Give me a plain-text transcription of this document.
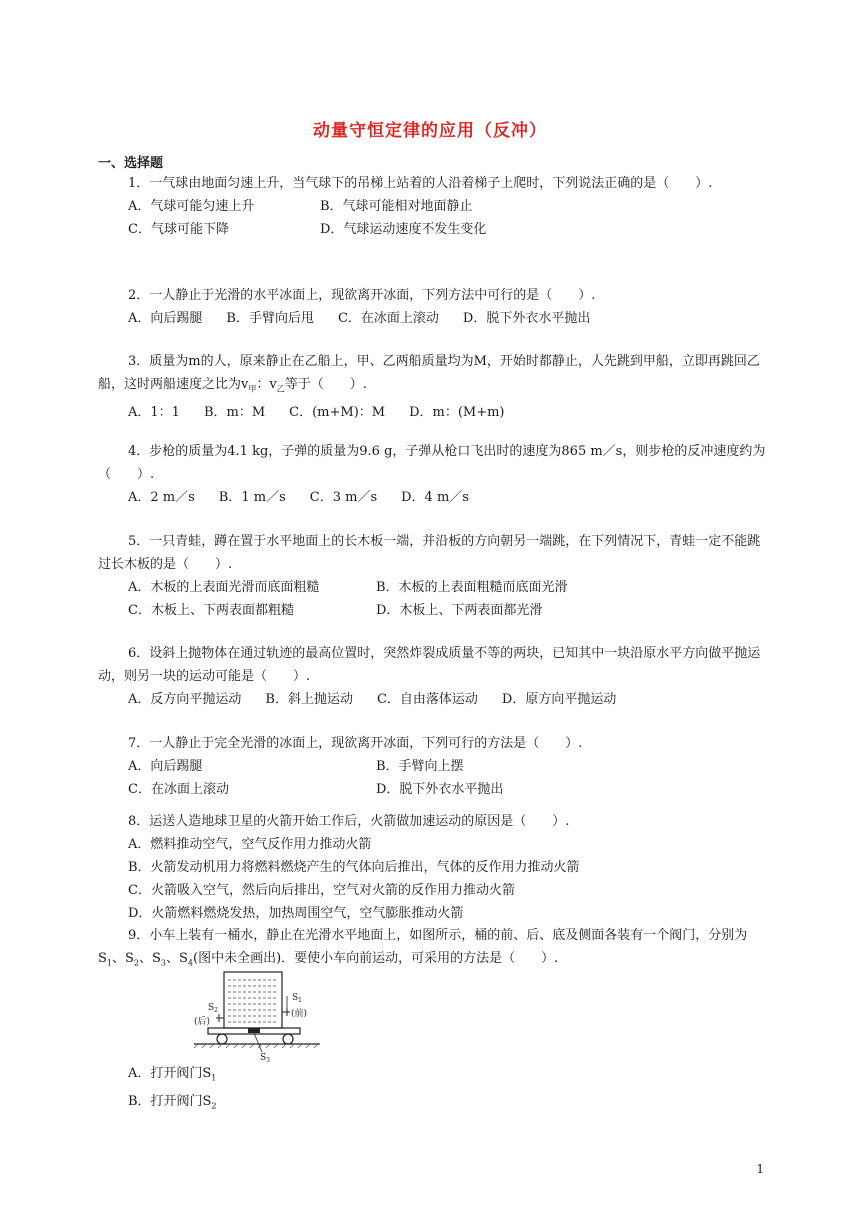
动量守恒定律的应用（反冲）
一、选择题

1．一气球由地面匀速上升，当气球下的吊梯上站着的人沿着梯子上爬时，下列说法正确的是（　　）.

A．气球可能匀速上升	B．气球可能相对地面静止
C．气球可能下降	D．气球运动速度不发生变化

2．一人静止于光滑的水平冰面上，现欲离开冰面，下列方法中可行的是（　　）.

A．向后踢腿 B．手臂向后甩 C．在冰面上滚动 D．脱下外衣水平抛出

3．质量为m的人，原来静止在乙船上，甲、乙两船质量均为M，开始时都静止，人先跳到甲船，立即再跳回乙船，这时两船速度之比为$v_甲$：$v_乙$等于（　　）.

A．1：1 B．m：M C．(m+M)：M D．m：(M+m)

4．步枪的质量为4.1 kg，子弹的质量为9.6 g，子弹从枪口飞出时的速度为865 m／s，则步枪的反冲速度约为（　　）.

A．2 m／s B．1 m／s C．3 m／s D．4 m／s

5．一只青蛙，蹲在置于水平地面上的长木板一端，并沿板的方向朝另一端跳，在下列情况下，青蛙一定不能跳过长木板的是（　　）.

A．木板的上表面光滑而底面粗糙	B．木板的上表面粗糙而底面光滑
C．木板上、下两表面都粗糙	D．木板上、下两表面都光滑

6．设斜上抛物体在通过轨迹的最高位置时，突然炸裂成质量不等的两块，已知其中一块沿原水平方向做平抛运动，则另一块的运动可能是（　　）.

A．反方向平抛运动 B．斜上抛运动 C．自由落体运动 D．原方向平抛运动

7．一人静止于完全光滑的冰面上，现欲离开冰面，下列可行的方法是（　　）.

A．向后踢腿	B．手臂向上摆
C．在冰面上滚动	D．脱下外衣水平抛出

8．运送人造地球卫星的火箭开始工作后，火箭做加速运动的原因是（　　）.

A．燃料推动空气，空气反作用力推动火箭
B．火箭发动机用力将燃料燃烧产生的气体向后推出，气体的反作用力推动火箭
C．火箭吸入空气，然后向后排出，空气对火箭的反作用力推动火箭
D．火箭燃料燃烧发热，加热周围空气，空气膨胀推动火箭

9．小车上装有一桶水，静止在光滑水平地面上，如图所示，桶的前、后、底及侧面各装有一个阀门，分别为$S_1$、$S_2$、$S_3$、$S_4$(图中未全画出)．要使小车向前运动，可采用的方法是（　　）.

$S_1$
(前)
$S_2$
(后)
$S_3$
A．打开阀门$S_1$
B．打开阀门$S_2$
1
